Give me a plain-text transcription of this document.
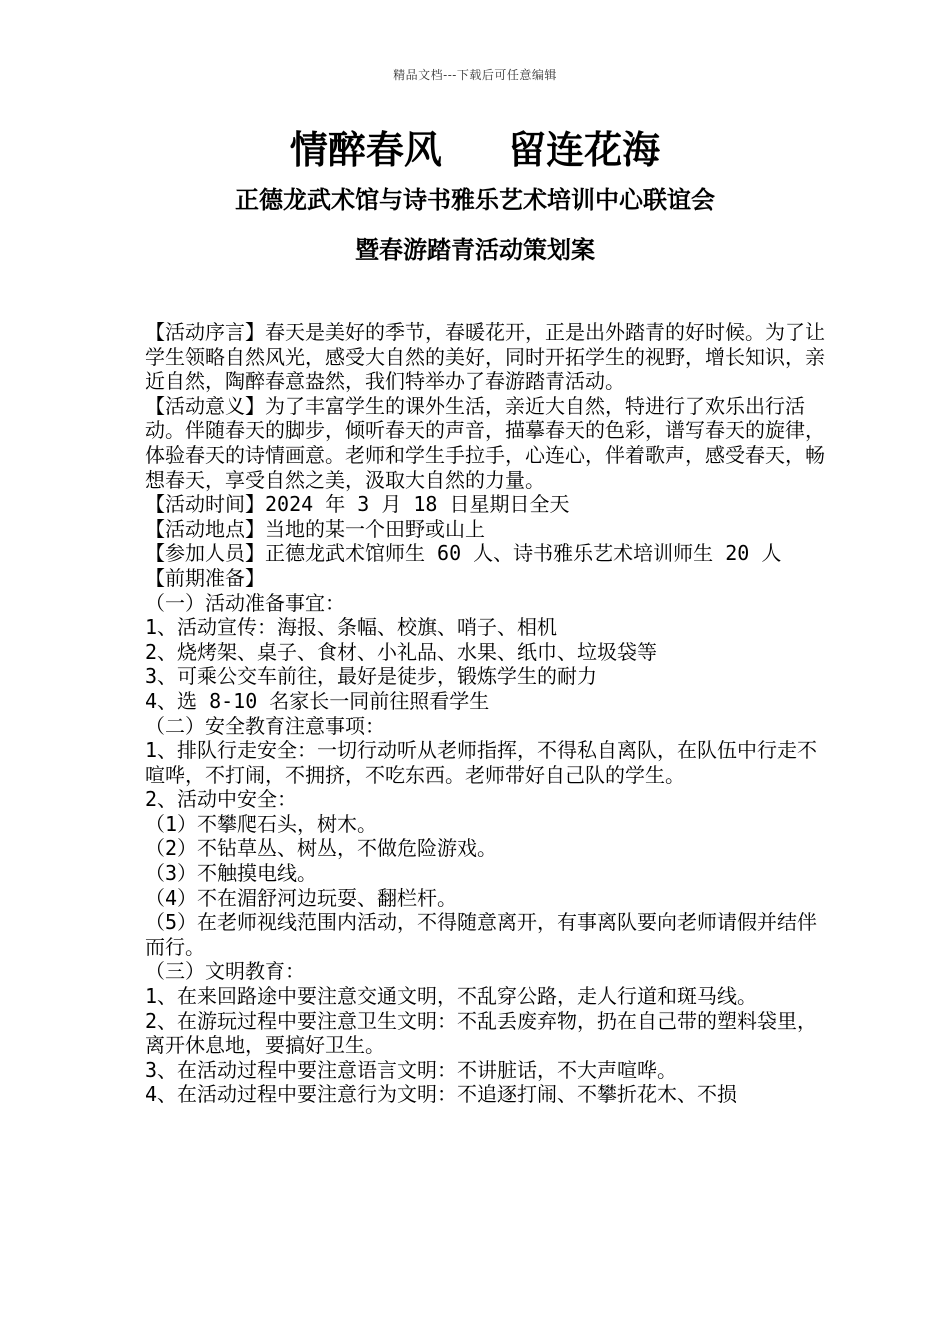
精品文档---下载后可任意编辑
情醉春风     留连花海
正德龙武术馆与诗书雅乐艺术培训中心联谊会
暨春游踏青活动策划案

【活动序言】春天是美好的季节，春暖花开，正是出外踏青的好时候。为了让学生领略自然风光，感受大自然的美好，同时开拓学生的视野，增长知识，亲近自然，陶醉春意盎然，我们特举办了春游踏青活动。

【活动意义】为了丰富学生的课外生活，亲近大自然，特进行了欢乐出行活动。伴随春天的脚步，倾听春天的声音，描摹春天的色彩，谱写春天的旋律，体验春天的诗情画意。老师和学生手拉手，心连心，伴着歌声，感受春天，畅想春天，享受自然之美，汲取大自然的力量。

【活动时间】2024 年 3 月 18 日星期日全天

【活动地点】当地的某一个田野或山上

【参加人员】正德龙武术馆师生 60 人、诗书雅乐艺术培训师生 20 人

【前期准备】

（一）活动准备事宜：

1、活动宣传：海报、条幅、校旗、哨子、相机

2、烧烤架、桌子、食材、小礼品、水果、纸巾、垃圾袋等

3、可乘公交车前往，最好是徒步，锻炼学生的耐力

4、选 8-10 名家长一同前往照看学生

（二）安全教育注意事项：

1、排队行走安全：一切行动听从老师指挥，不得私自离队，在队伍中行走不喧哗，不打闹，不拥挤，不吃东西。老师带好自己队的学生。

2、活动中安全：

（1）不攀爬石头，树木。

（2）不钻草丛、树丛，不做危险游戏。

（3）不触摸电线。

（4）不在湄舒河边玩耍、翻栏杆。

（5）在老师视线范围内活动，不得随意离开，有事离队要向老师请假并结伴而行。

（三）文明教育：

1、在来回路途中要注意交通文明，不乱穿公路，走人行道和斑马线。

2、在游玩过程中要注意卫生文明：不乱丢废弃物，扔在自己带的塑料袋里，离开休息地，要搞好卫生。

3、在活动过程中要注意语言文明：不讲脏话，不大声喧哗。

4、在活动过程中要注意行为文明：不追逐打闹、不攀折花木、不损
